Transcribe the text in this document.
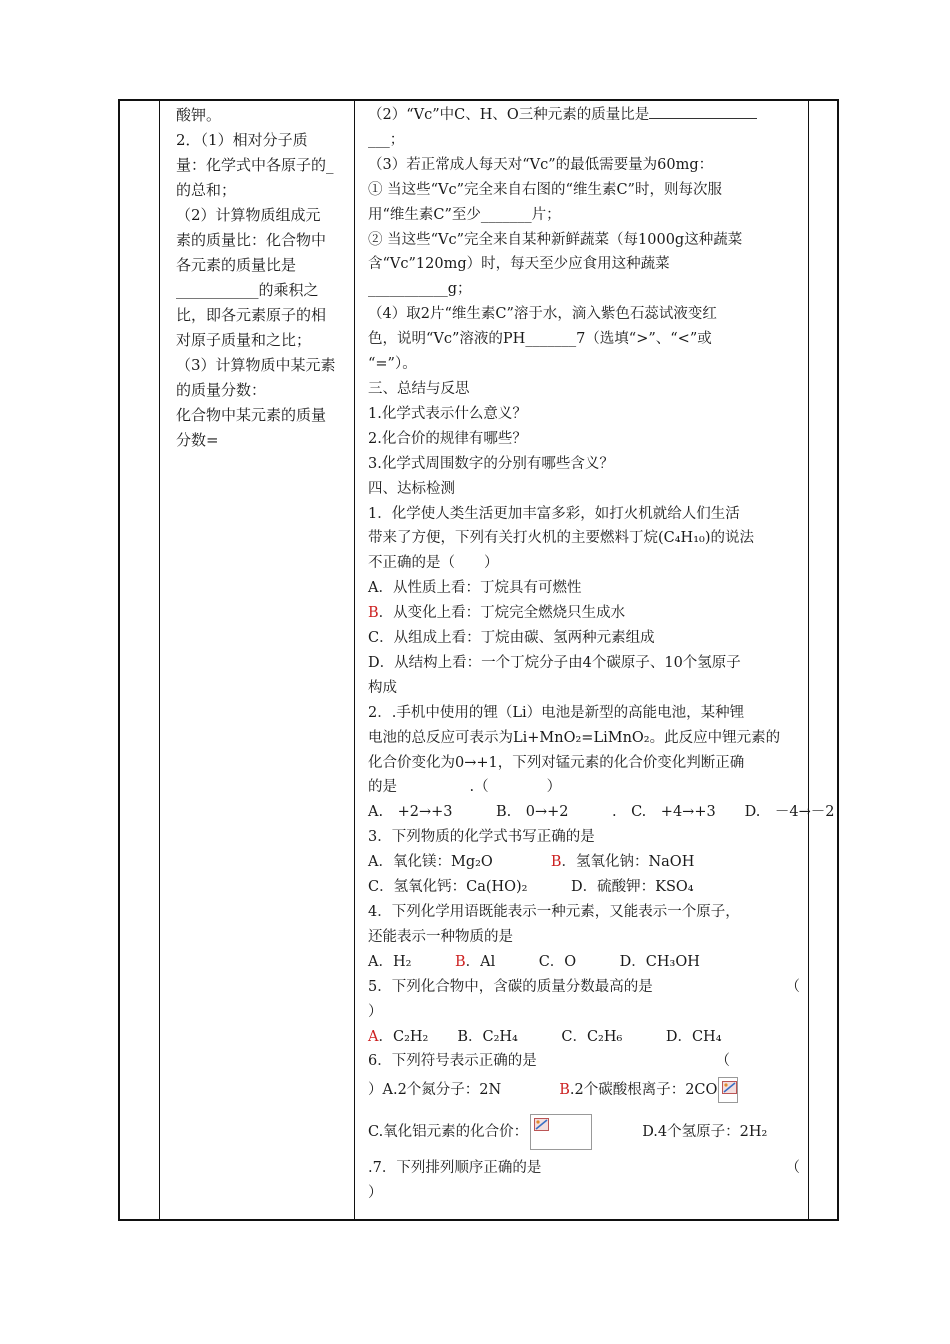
酸钾。
2．（1）相对分子质
量：化学式中各原子的_
的总和；
（2）计算物质组成元
素的质量比：化合物中
各元素的质量比是
___________的乘积之
比，即各元素原子的相
对原子质量和之比；
（3）计算物质中某元素
的质量分数：
化合物中某元素的质量
分数=
（2）“Vc”中C、H、O三种元素的质量比是
___；
（3）若正常成人每天对“Vc”的最低需要量为60mg：
① 当这些“Vc”完全来自右图的“维生素C”时，则每次服
用“维生素C”至少_______片；
② 当这些“Vc”完全来自某种新鲜蔬菜（每1000g这种蔬菜
含“Vc”120mg）时，每天至少应食用这种蔬菜
___________g；
（4）取2片“维生素C”溶于水，滴入紫色石蕊试液变红
色，说明“Vc”溶液的PH_______7（选填“>”、“<”或
“=”）。
三、总结与反思
1.化学式表示什么意义？
2.化合价的规律有哪些？
3.化学式周围数字的分别有哪些含义？
四、达标检测
1．化学使人类生活更加丰富多彩，如打火机就给人们生活
带来了方便，下列有关打火机的主要燃料丁烷(C₄H₁₀)的说法
不正确的是（　　）
A．从性质上看：丁烷具有可燃性
B．从变化上看：丁烷完全燃烧只生成水
C．从组成上看：丁烷由碳、氢两种元素组成
D．从结构上看：一个丁烷分子由4个碳原子、10个氢原子
构成
2．.手机中使用的锂（Li）电池是新型的高能电池，某种锂
电池的总反应可表示为Li+MnO₂=LiMnO₂。此反应中锂元素的
化合价变化为0→+1，下列对锰元素的化合价变化判断正确
的是　　　　　.（　　　　）
A.　+2→+3　　　B.　0→+2　　　.　C.　+4→+3　　D.　－4→－2
3．下列物质的化学式书写正确的是
A．氧化镁：Mg₂O　　　　B．氢氧化钠：NaOH
C．氢氧化钙：Ca(HO)₂　　　D．硫酸钾：KSO₄
4．下列化学用语既能表示一种元素，又能表示一个原子，
还能表示一种物质的是
A．H₂　　　B．Al　　　C．O　　　D．CH₃OH
5．下列化合物中，含碳的质量分数最高的是	（
）
A．C₂H₂　　B．C₂H₄　　　C．C₂H₆　　　D．CH₄
6．下列符号表示正确的是	（
）A.2个氮分子：2N　　　　B.2个碳酸根离子：2CO
C.氧化铝元素的化合价：	D.4个氢原子：2H₂
.7．下列排列顺序正确的是	（
）
